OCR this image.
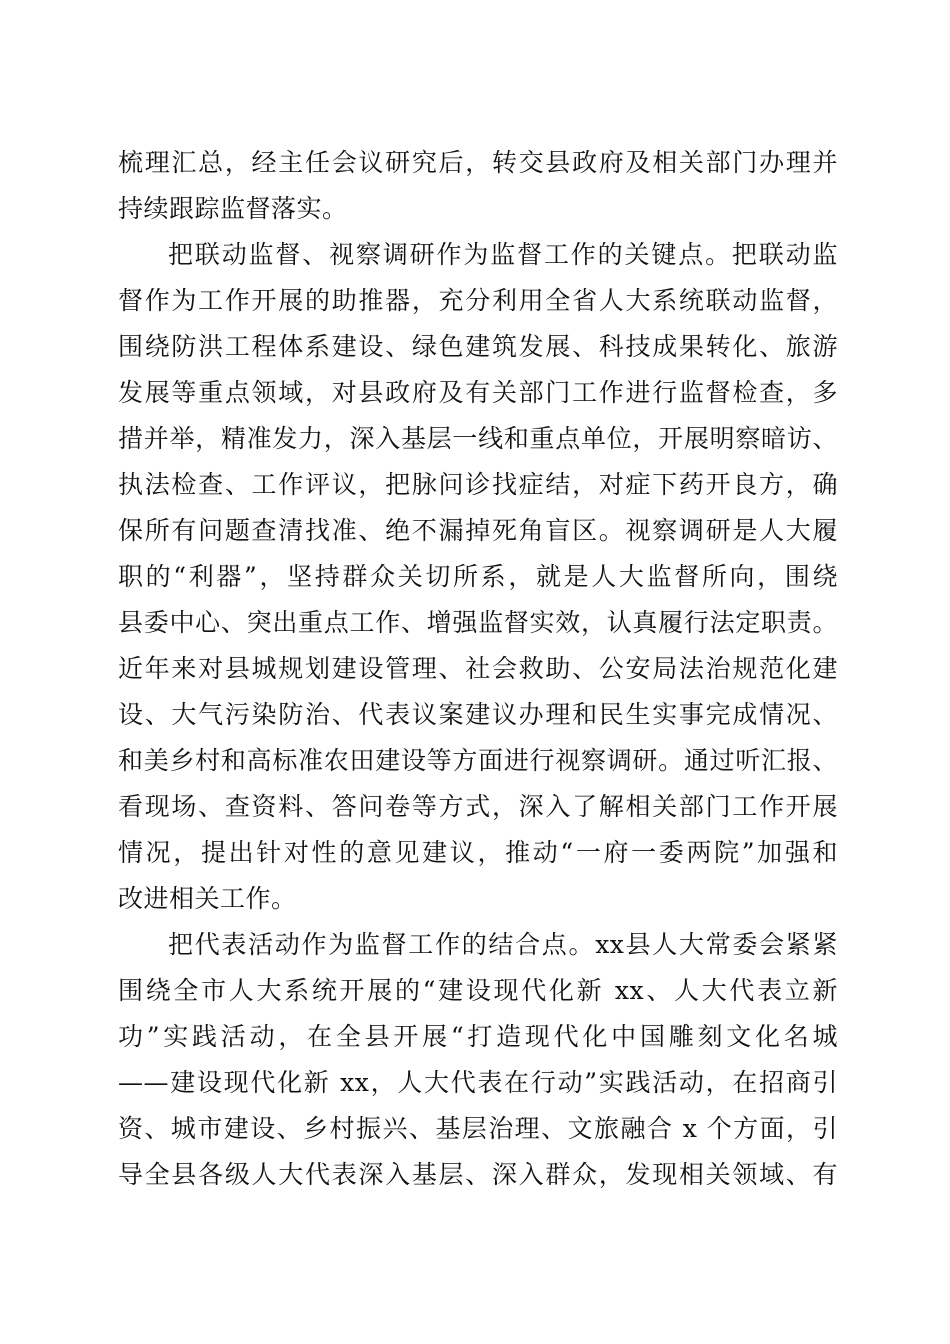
梳理汇总，经主任会议研究后，转交县政府及相关部门办理并
持续跟踪监督落实。
把联动监督、视察调研作为监督工作的关键点。把联动监
督作为工作开展的助推器，充分利用全省人大系统联动监督，
围绕防洪工程体系建设、绿色建筑发展、科技成果转化、旅游
发展等重点领域，对县政府及有关部门工作进行监督检查，多
措并举，精准发力，深入基层一线和重点单位，开展明察暗访、
执法检查、工作评议，把脉问诊找症结，对症下药开良方，确
保所有问题查清找准、绝不漏掉死角盲区。视察调研是人大履
职的“利器”，坚持群众关切所系，就是人大监督所向，围绕
县委中心、突出重点工作、增强监督实效，认真履行法定职责。
近年来对县城规划建设管理、社会救助、公安局法治规范化建
设、大气污染防治、代表议案建议办理和民生实事完成情况、
和美乡村和高标准农田建设等方面进行视察调研。通过听汇报、
看现场、查资料、答问卷等方式，深入了解相关部门工作开展
情况，提出针对性的意见建议，推动“一府一委两院”加强和
改进相关工作。
把代表活动作为监督工作的结合点。xx县人大常委会紧紧
围绕全市人大系统开展的“建设现代化新 xx、人大代表立新
功”实践活动，在全县开展“打造现代化中国雕刻文化名城
——建设现代化新 xx，人大代表在行动”实践活动，在招商引
资、城市建设、乡村振兴、基层治理、文旅融合 x 个方面，引
导全县各级人大代表深入基层、深入群众，发现相关领域、有
